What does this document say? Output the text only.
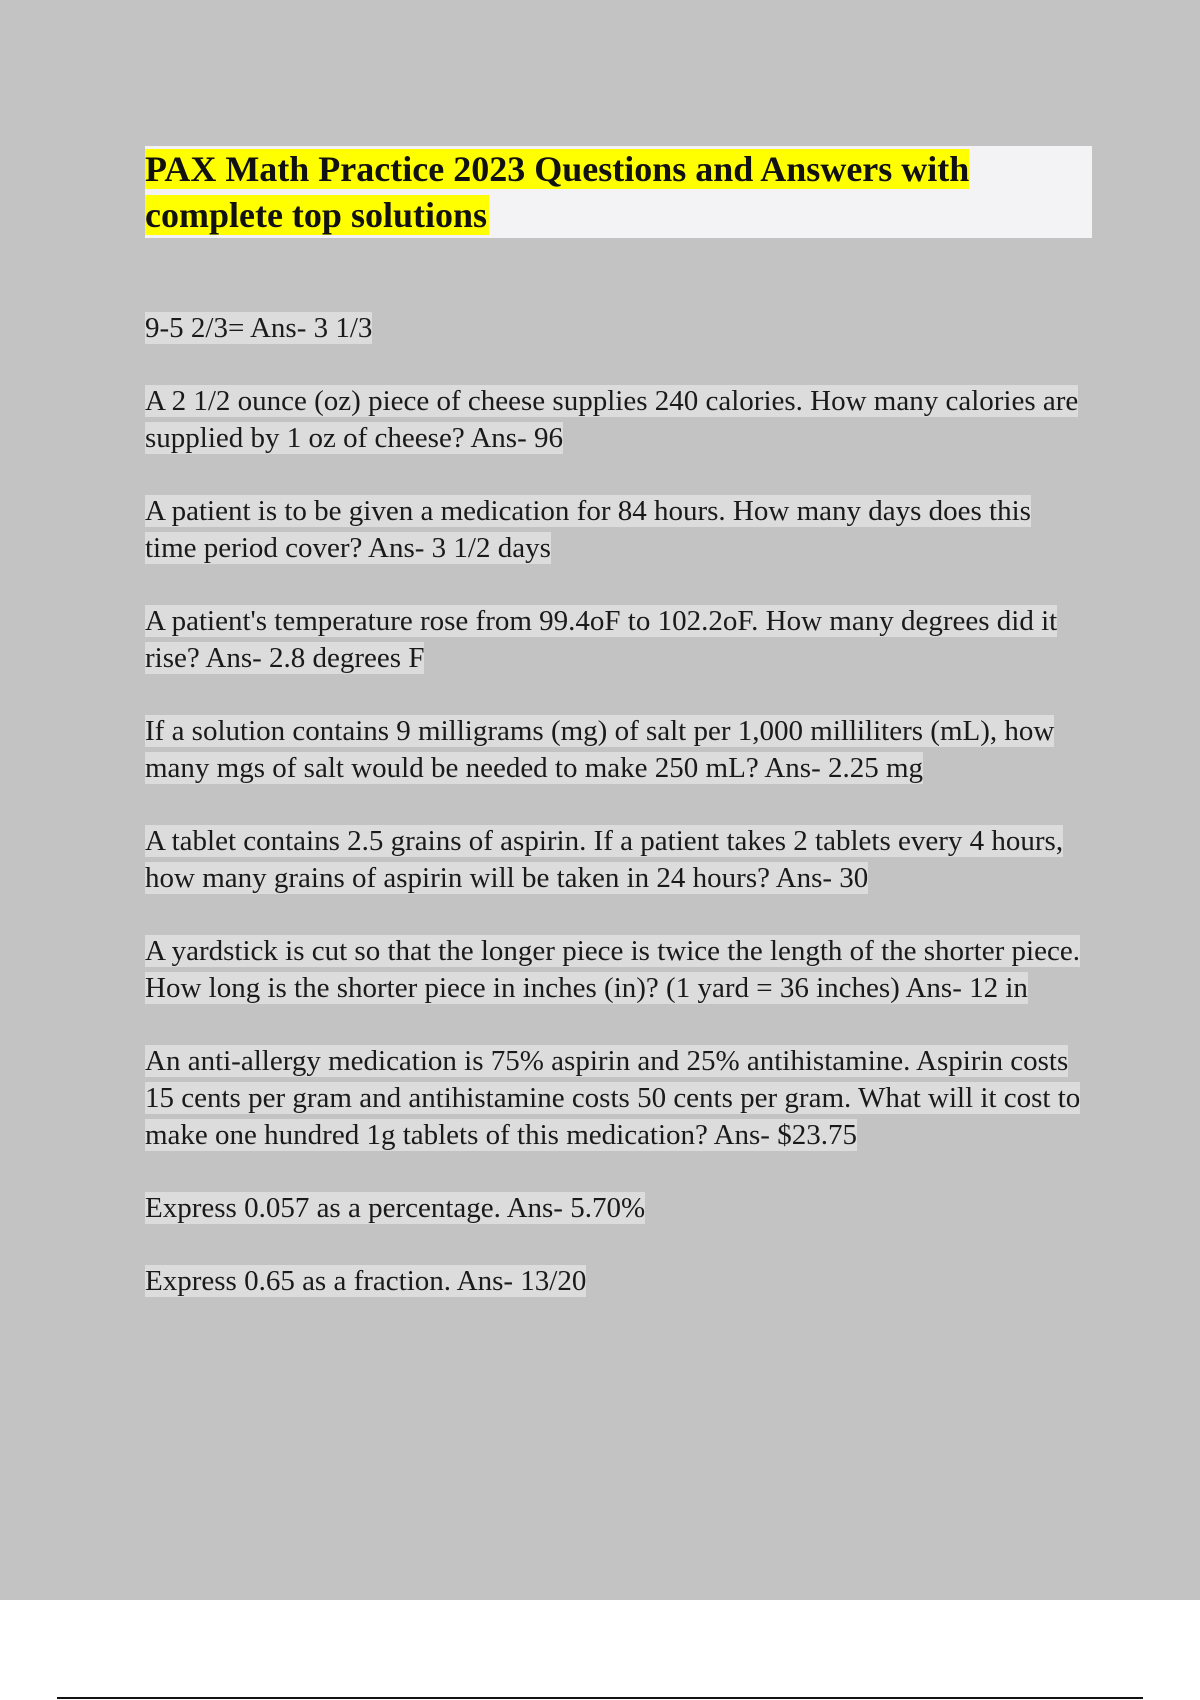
PAX Math Practice 2023 Questions and Answers with complete top solutions

9-5 2/3= Ans- 3 1/3

A 2 1/2 ounce (oz) piece of cheese supplies 240 calories. How many calories are supplied by 1 oz of cheese? Ans- 96

A patient is to be given a medication for 84 hours. How many days does this time period cover? Ans- 3 1/2 days

A patient's temperature rose from 99.4oF to 102.2oF. How many degrees did it rise? Ans- 2.8 degrees F

If a solution contains 9 milligrams (mg) of salt per 1,000 milliliters (mL), how many mgs of salt would be needed to make 250 mL? Ans- 2.25 mg

A tablet contains 2.5 grains of aspirin. If a patient takes 2 tablets every 4 hours, how many grains of aspirin will be taken in 24 hours? Ans- 30

A yardstick is cut so that the longer piece is twice the length of the shorter piece. How long is the shorter piece in inches (in)? (1 yard = 36 inches) Ans- 12 in

An anti-allergy medication is 75% aspirin and 25% antihistamine. Aspirin costs 15 cents per gram and antihistamine costs 50 cents per gram. What will it cost to make one hundred 1g tablets of this medication? Ans- $23.75

Express 0.057 as a percentage. Ans- 5.70%

Express 0.65 as a fraction. Ans- 13/20
